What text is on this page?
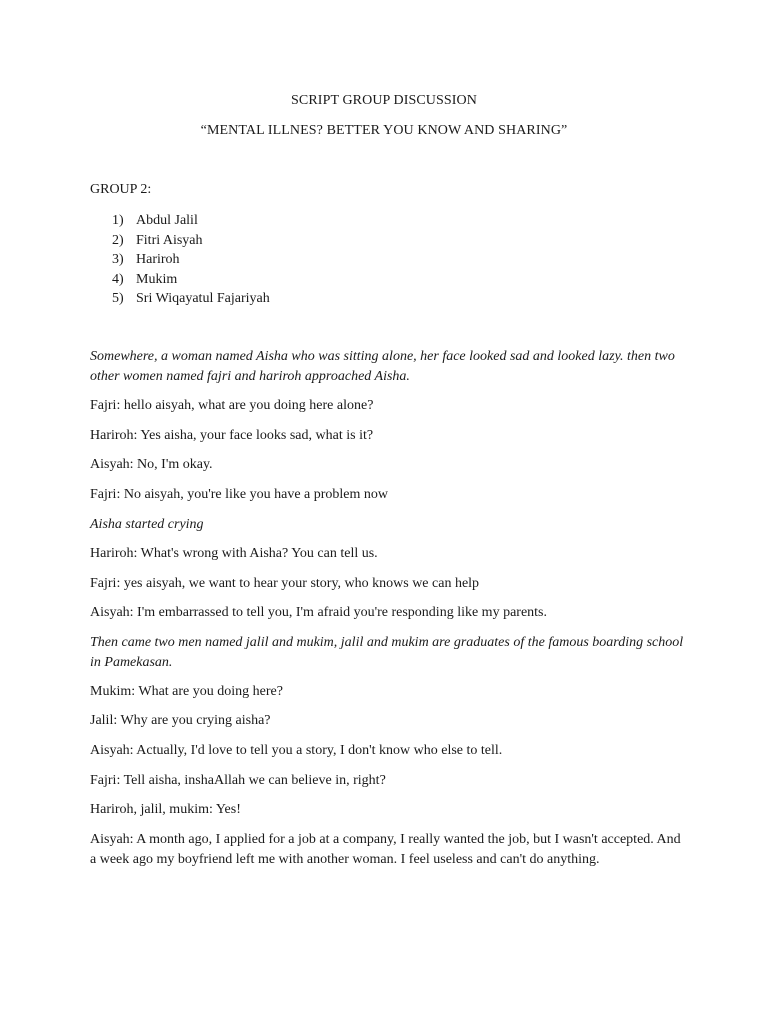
SCRIPT GROUP DISCUSSION
“MENTAL ILLNES? BETTER YOU KNOW AND SHARING”
GROUP 2:
1) Abdul Jalil
2) Fitri Aisyah
3) Hariroh
4) Mukim
5) Sri Wiqayatul Fajariyah

Somewhere, a woman named Aisha who was sitting alone, her face looked sad and looked lazy. then two other women named fajri and hariroh approached Aisha.

Fajri: hello aisyah, what are you doing here alone?

Hariroh: Yes aisha, your face looks sad, what is it?

Aisyah: No, I'm okay.

Fajri: No aisyah, you're like you have a problem now

Aisha started crying

Hariroh: What's wrong with Aisha? You can tell us.

Fajri: yes aisyah, we want to hear your story, who knows we can help

Aisyah: I'm embarrassed to tell you, I'm afraid you're responding like my parents.

Then came two men named jalil and mukim, jalil and mukim are graduates of the famous boarding school in Pamekasan.

Mukim: What are you doing here?

Jalil: Why are you crying aisha?

Aisyah: Actually, I'd love to tell you a story, I don't know who else to tell.

Fajri: Tell aisha, inshaAllah we can believe in, right?

Hariroh, jalil, mukim: Yes!

Aisyah: A month ago, I applied for a job at a company, I really wanted the job, but I wasn't accepted. And a week ago my boyfriend left me with another woman. I feel useless and can't do anything.
